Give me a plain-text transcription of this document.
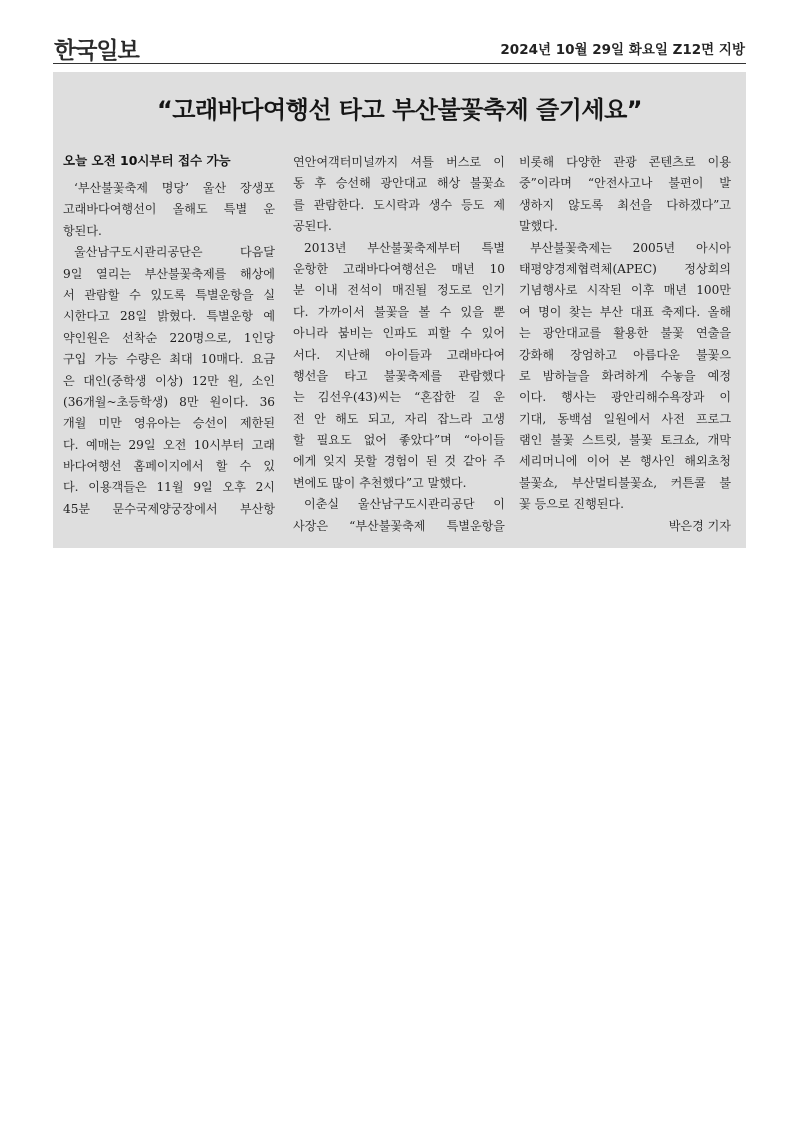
한국일보	2024년 10월 29일 화요일 Z12면 지방
“고래바다여행선 타고 부산불꽃축제 즐기세요”
오늘 오전 10시부터 접수 가능
‘부산불꽃축제 명당’ 울산 장생포
고래바다여행선이 올해도 특별 운
항된다.
울산남구도시관리공단은 다음달
9일 열리는 부산불꽃축제를 해상에
서 관람할 수 있도록 특별운항을 실
시한다고 28일 밝혔다. 특별운항 예
약인원은 선착순 220명으로, 1인당
구입 가능 수량은 최대 10매다. 요금
은 대인(중학생 이상) 12만 원, 소인
(36개월~초등학생) 8만 원이다. 36
개월 미만 영유아는 승선이 제한된
다. 예매는 29일 오전 10시부터 고래
바다여행선 홈페이지에서 할 수 있
다. 이용객들은 11월 9일 오후 2시
45분 문수국제양궁장에서 부산항
연안여객터미널까지 셔틀 버스로 이
동 후 승선해 광안대교 해상 불꽃쇼
를 관람한다. 도시락과 생수 등도 제
공된다.
2013년 부산불꽃축제부터 특별
운항한 고래바다여행선은 매년 10
분 이내 전석이 매진될 정도로 인기
다. 가까이서 불꽃을 볼 수 있을 뿐
아니라 붐비는 인파도 피할 수 있어
서다. 지난해 아이들과 고래바다여
행선을 타고 불꽃축제를 관람했다
는 김선우(43)씨는 “혼잡한 길 운
전 안 해도 되고, 자리 잡느라 고생
할 필요도 없어 좋았다”며 “아이들
에게 잊지 못할 경험이 된 것 같아 주
변에도 많이 추천했다”고 말했다.
이춘실 울산남구도시관리공단 이
사장은 “부산불꽃축제 특별운항을
비롯해 다양한 관광 콘텐츠로 이용
중”이라며 “안전사고나 불편이 발
생하지 않도록 최선을 다하겠다”고
말했다.
부산불꽃축제는 2005년 아시아
태평양경제협력체(APEC) 정상회의
기념행사로 시작된 이후 매년 100만
여 명이 찾는 부산 대표 축제다. 올해
는 광안대교를 활용한 불꽃 연출을
강화해 장엄하고 아름다운 불꽃으
로 밤하늘을 화려하게 수놓을 예정
이다. 행사는 광안리해수욕장과 이
기대, 동백섬 일원에서 사전 프로그
램인 불꽃 스트릿, 불꽃 토크쇼, 개막
세리머니에 이어 본 행사인 해외초청
불꽃쇼, 부산멀티불꽃쇼, 커튼콜 불
꽃 등으로 진행된다.
박은경 기자
